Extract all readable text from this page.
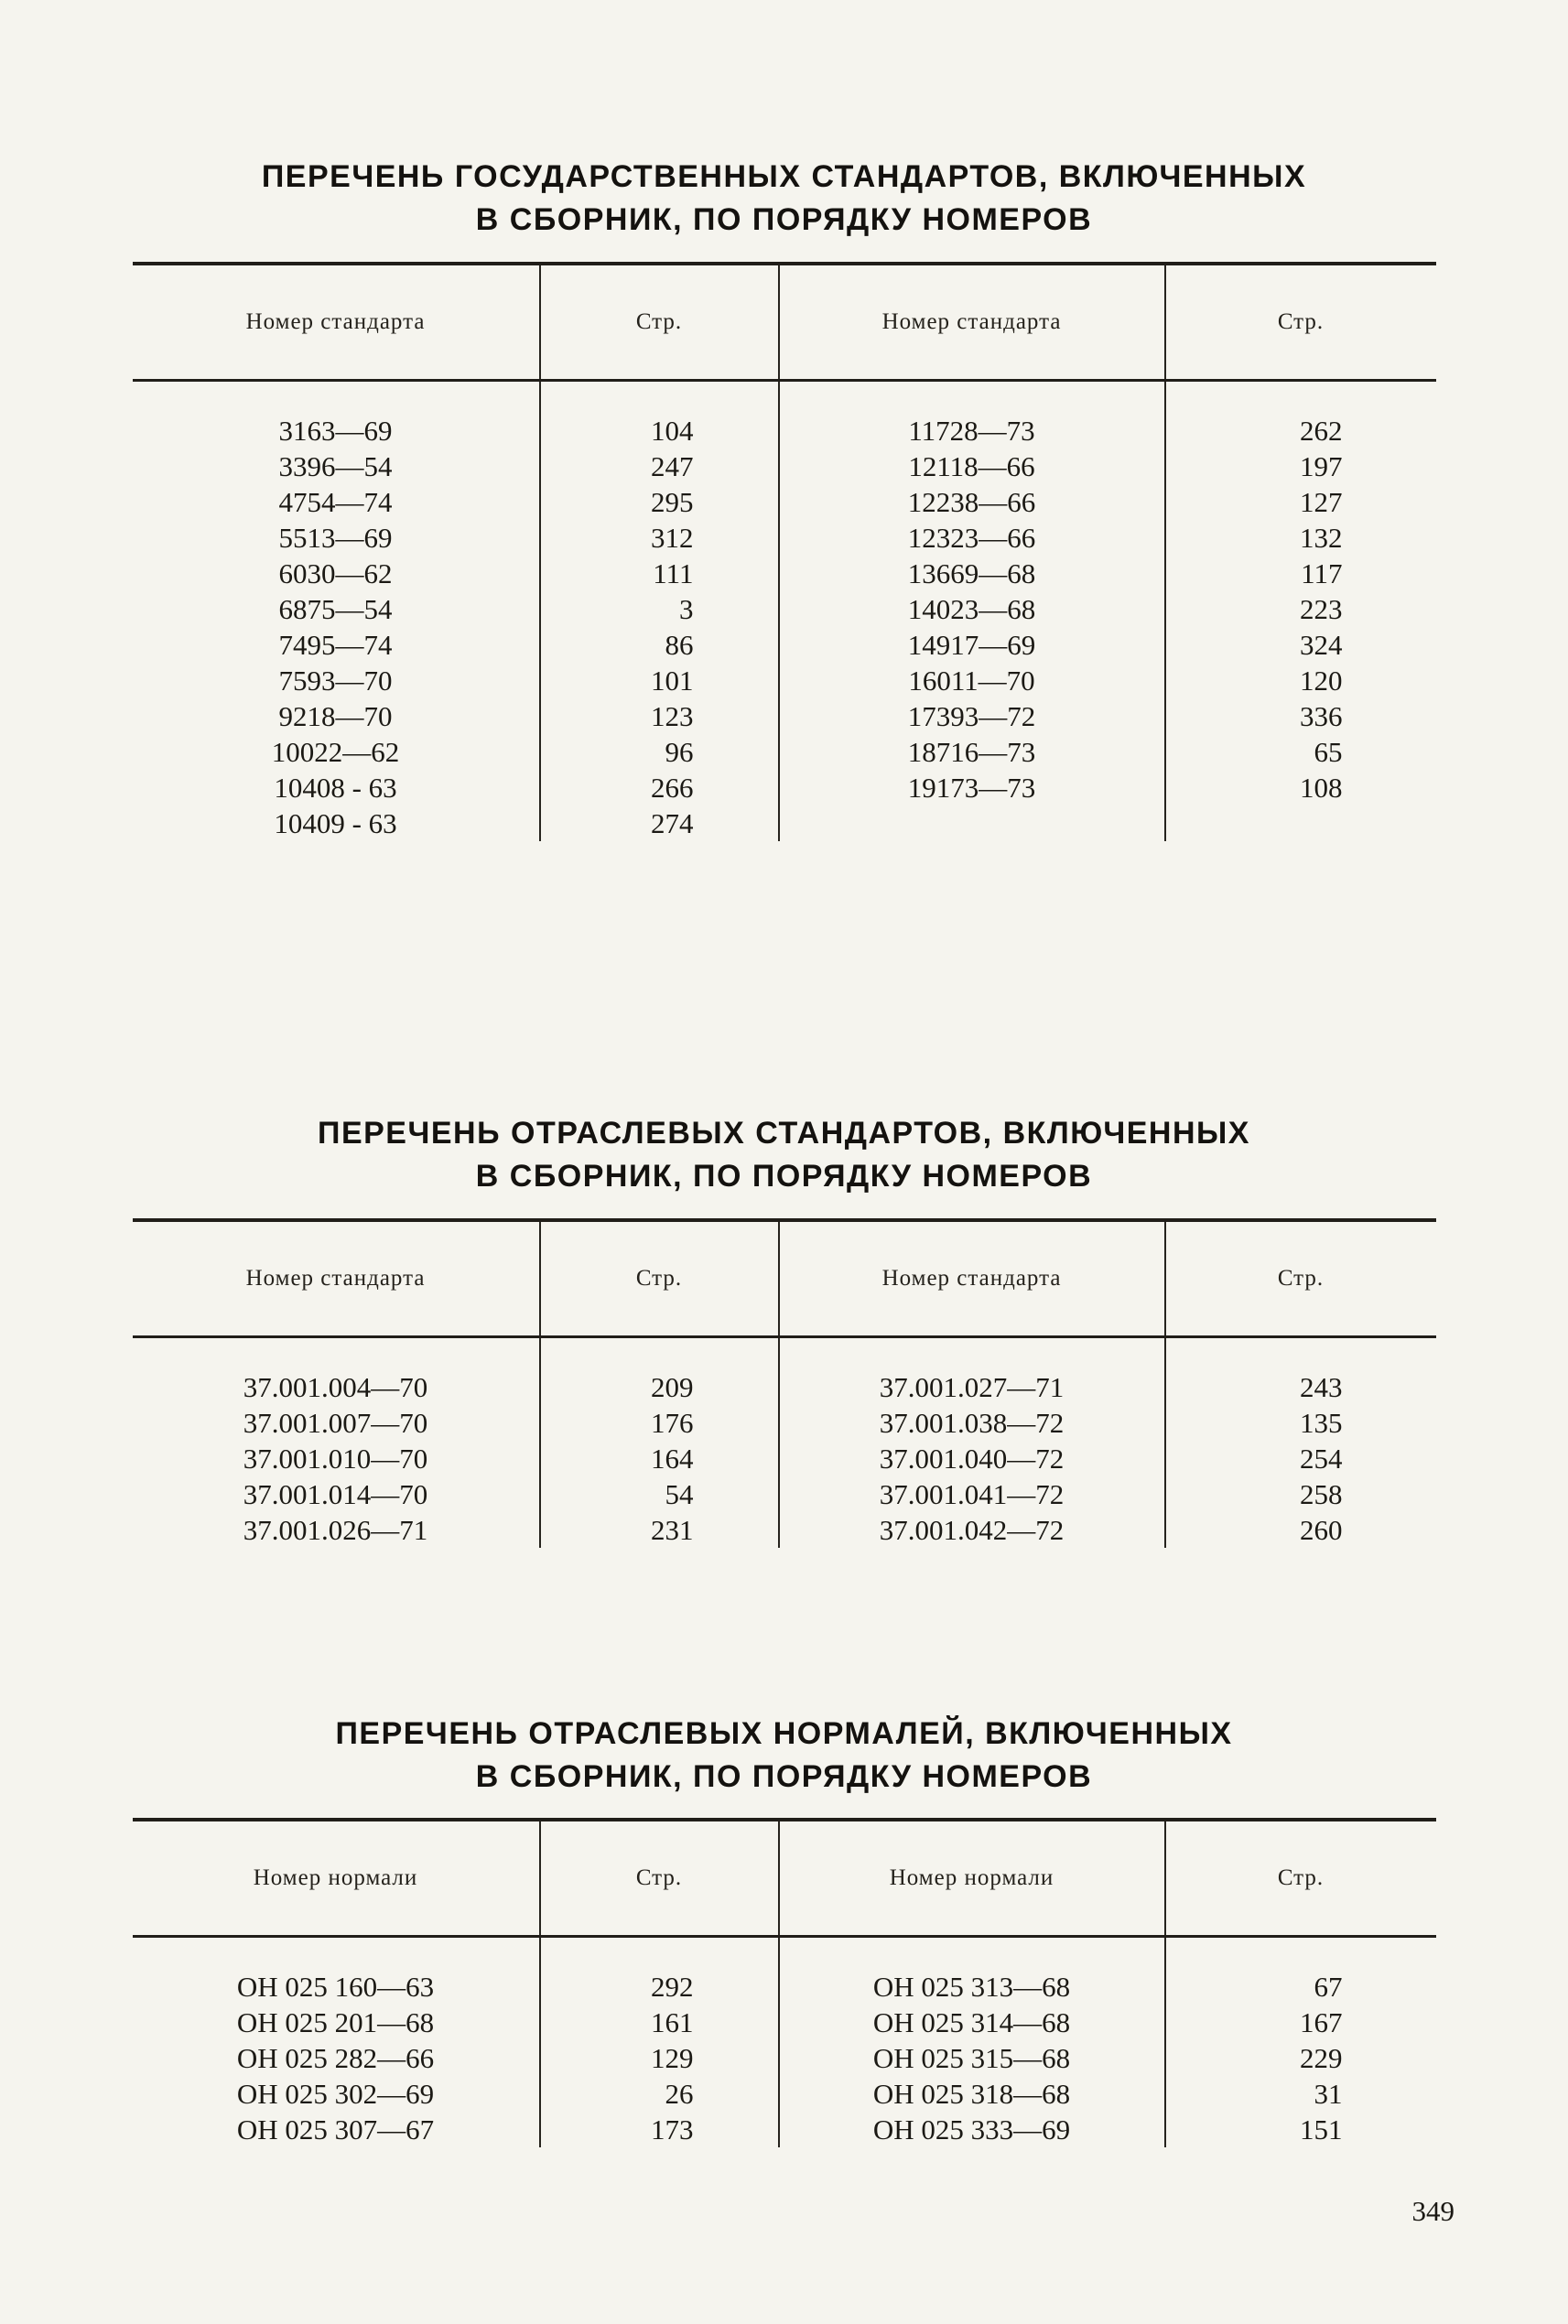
ПЕРЕЧЕНЬ ГОСУДАРСТВЕННЫХ СТАНДАРТОВ, ВКЛЮЧЕННЫХ
В СБОРНИК, ПО ПОРЯДКУ НОМЕРОВ
Номер стандарта	Стр.	Номер стандарта	Стр.
3163—69	104	11728—73	262
3396—54	247	12118—66	197
4754—74	295	12238—66	127
5513—69	312	12323—66	132
6030—62	111	13669—68	117
6875—54	3	14023—68	223
7495—74	86	14917—69	324
7593—70	101	16011—70	120
9218—70	123	17393—72	336
10022—62	96	18716—73	65
10408 - 63	266	19173—73	108
10409 - 63	274		
ПЕРЕЧЕНЬ ОТРАСЛЕВЫХ СТАНДАРТОВ, ВКЛЮЧЕННЫХ
В СБОРНИК, ПО ПОРЯДКУ НОМЕРОВ
Номер стандарта	Стр.	Номер стандарта	Стр.
37.001.004—70	209	37.001.027—71	243
37.001.007—70	176	37.001.038—72	135
37.001.010—70	164	37.001.040—72	254
37.001.014—70	54	37.001.041—72	258
37.001.026—71	231	37.001.042—72	260
ПЕРЕЧЕНЬ ОТРАСЛЕВЫХ НОРМАЛЕЙ, ВКЛЮЧЕННЫХ
В СБОРНИК, ПО ПОРЯДКУ НОМЕРОВ
Номер нормали	Стр.	Номер нормали	Стр.
ОН 025 160—63	292	ОН 025 313—68	67
ОН 025 201—68	161	ОН 025 314—68	167
ОН 025 282—66	129	ОН 025 315—68	229
ОН 025 302—69	26	ОН 025 318—68	31
ОН 025 307—67	173	ОН 025 333—69	151
349
